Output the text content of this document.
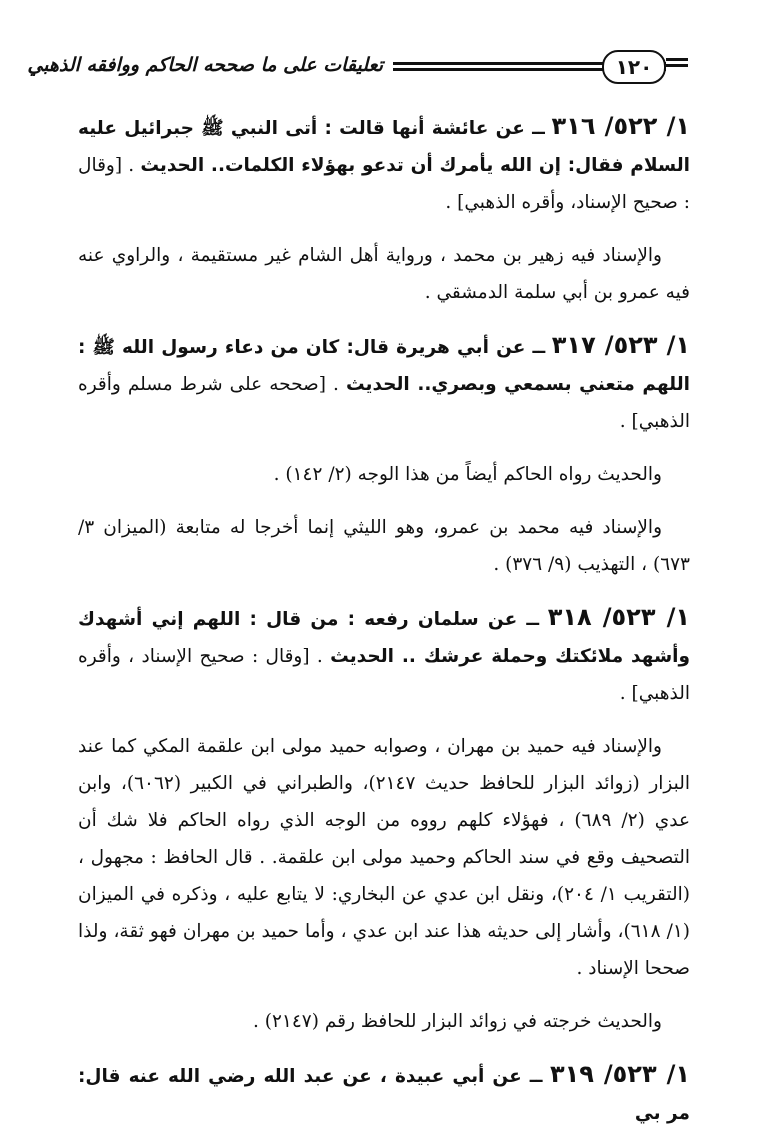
تعليقات على ما صححه الحاكم ووافقه الذهبي	١٢٠

١/ ٥٢٢/ ٣١٦ ــ عن عائشة أنها قالت : أتى النبي ﷺ جبرائيل عليه السلام فقال: إن الله يأمرك أن تدعو بهؤلاء الكلمات.. الحديث . [وقال : صحيح الإسناد، وأقره الذهبي] .

والإسناد فيه زهير بن محمد ، ورواية أهل الشام غير مستقيمة ، والراوي عنه فيه عمرو بن أبي سلمة الدمشقي .

١/ ٥٢٣/ ٣١٧ ــ عن أبي هريرة قال: كان من دعاء رسول الله ﷺ : اللهم متعني بسمعي وبصري.. الحديث . [صححه على شرط مسلم وأقره الذهبي] .

والحديث رواه الحاكم أيضاً من هذا الوجه (٢/ ١٤٢) .

والإسناد فيه محمد بن عمرو، وهو الليثي إنما أخرجا له متابعة (الميزان ٣/ ٦٧٣) ، التهذيب (٩/ ٣٧٦) .

١/ ٥٢٣/ ٣١٨ ــ عن سلمان رفعه : من قال : اللهم إني أشهدك وأشهد ملائكتك وحملة عرشك .. الحديث . [وقال : صحيح الإسناد ، وأقره الذهبي] .

والإسناد فيه حميد بن مهران ، وصوابه حميد مولى ابن علقمة المكي كما عند البزار (زوائد البزار للحافظ حديث ٢١٤٧)، والطبراني في الكبير (٦٠٦٢)، وابن عدي (٢/ ٦٨٩) ، فهؤلاء كلهم رووه من الوجه الذي رواه الحاكم فلا شك أن التصحيف وقع في سند الحاكم وحميد مولى ابن علقمة. . قال الحافظ : مجهول ، (التقريب ١/ ٢٠٤)، ونقل ابن عدي عن البخاري: لا يتابع عليه ، وذكره في الميزان (١/ ٦١٨)، وأشار إلى حديثه هذا عند ابن عدي ، وأما حميد بن مهران فهو ثقة، ولذا صححا الإسناد .

والحديث خرجته في زوائد البزار للحافظ رقم (٢١٤٧) .

١/ ٥٢٣/ ٣١٩ ــ عن أبي عبيدة ، عن عبد الله رضي الله عنه قال: مر بي
